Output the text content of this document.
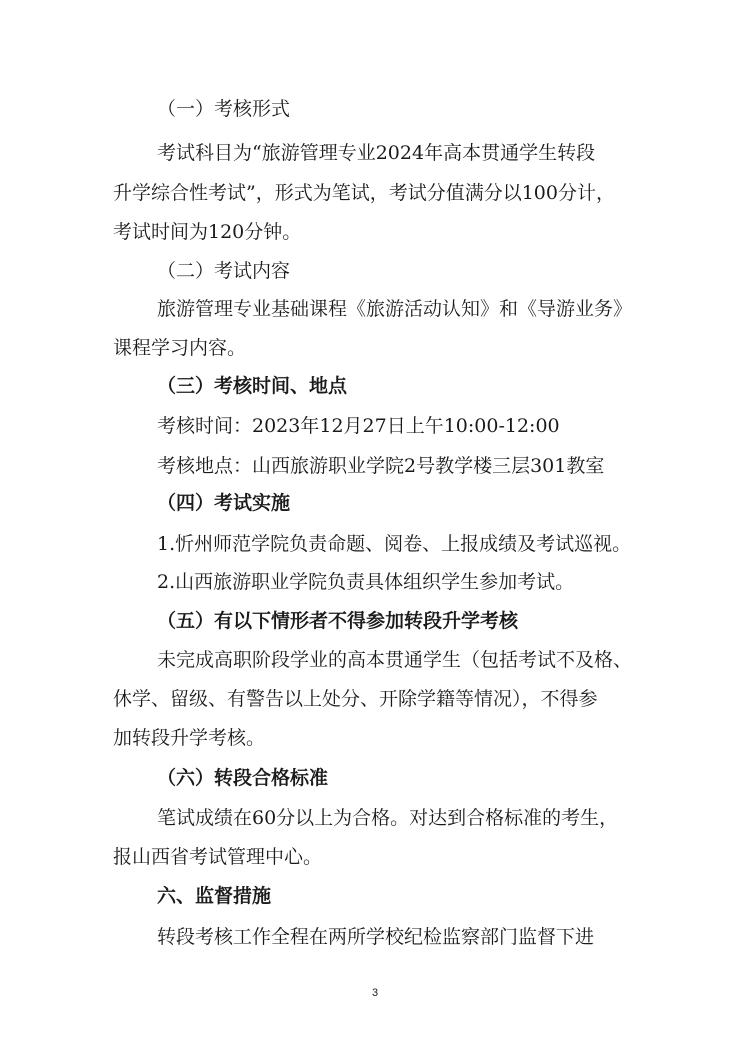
（一）考核形式
考试科目为“旅游管理专业2024年高本贯通学生转段
升学综合性考试”，形式为笔试，考试分值满分以100分计，
考试时间为120分钟。
（二）考试内容
旅游管理专业基础课程《旅游活动认知》和《导游业务》
课程学习内容。
（三）考核时间、地点
考核时间：2023年12月27日上午10:00-12:00
考核地点：山西旅游职业学院2号教学楼三层301教室
（四）考试实施
1.忻州师范学院负责命题、阅卷、上报成绩及考试巡视。
2.山西旅游职业学院负责具体组织学生参加考试。
（五）有以下情形者不得参加转段升学考核
未完成高职阶段学业的高本贯通学生（包括考试不及格、
休学、留级、有警告以上处分、开除学籍等情况），不得参
加转段升学考核。
（六）转段合格标准
笔试成绩在60分以上为合格。对达到合格标准的考生，
报山西省考试管理中心。
六、监督措施
转段考核工作全程在两所学校纪检监察部门监督下进
3
